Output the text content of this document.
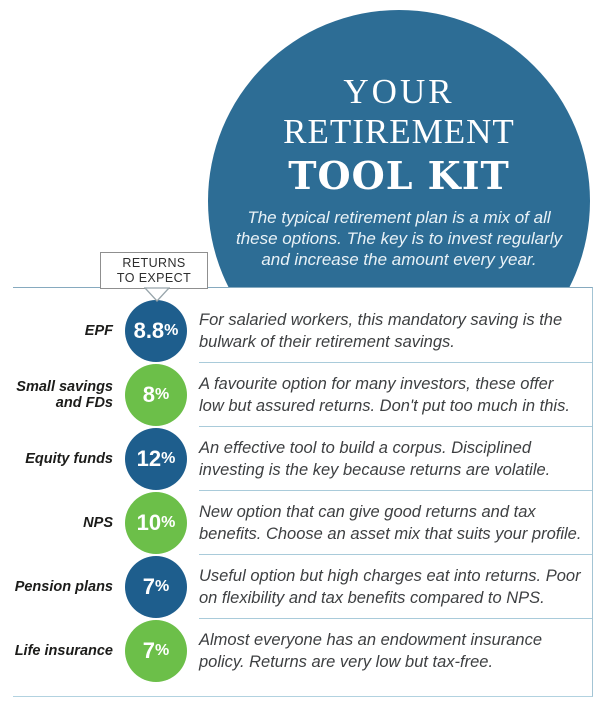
YOUR
RETIREMENT
TOOL KIT
The typical retirement plan is a mix of all
these options. The key is to invest regularly
and increase the amount every year.
RETURNS
TO EXPECT
EPF 8.8 %
For salaried workers, this mandatory saving is the bulwark of their retirement savings.
Small savings and FDs 8 %
A favourite option for many investors, these offer low but assured returns. Don't put too much in this.
Equity funds 12 %
An effective tool to build a corpus. Disciplined investing is the key because returns are volatile.
NPS 10 %
New option that can give good returns and tax benefits. Choose an asset mix that suits your profile.
Pension plans 7 %
Useful option but high charges eat into returns. Poor on flexibility and tax benefits compared to NPS.
Life insurance 7 %
Almost everyone has an endowment insurance policy. Returns are very low but tax-free.
